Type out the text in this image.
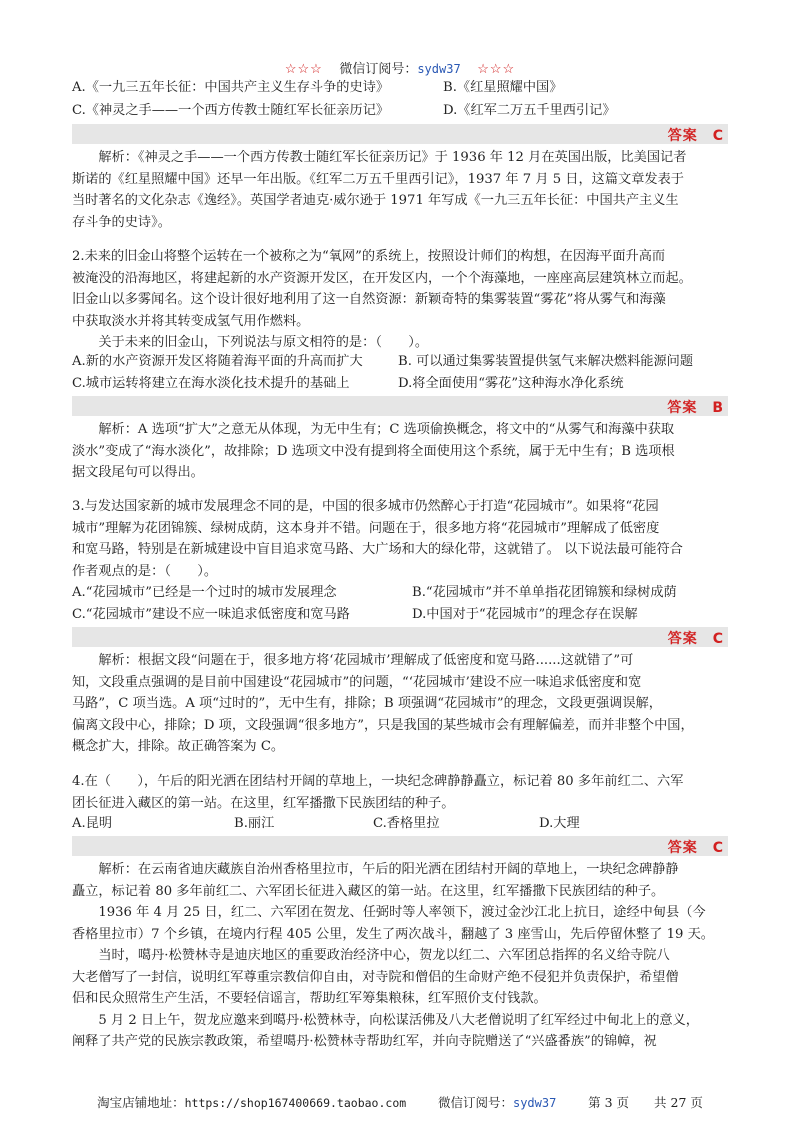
☆☆☆ 微信订阅号：sydw37 ☆☆☆
A.《一九三五年长征：中国共产主义生存斗争的史诗》	B.《红星照耀中国》
C.《神灵之手——一个西方传教士随红军长征亲历记》	D.《红军二万五千里西引记》
答案　C
　　解析：《神灵之手——一个西方传教士随红军长征亲历记》于 1936 年 12 月在英国出版，比美国记者
斯诺的《红星照耀中国》还早一年出版。《红军二万五千里西引记》，1937 年 7 月 5 日，这篇文章发表于
当时著名的文化杂志《逸经》。英国学者迪克·威尔逊于 1971 年写成《一九三五年长征：中国共产主义生
存斗争的史诗》。
2.未来的旧金山将整个运转在一个被称之为“氧网”的系统上，按照设计师们的构想，在因海平面升高而
被淹没的沿海地区，将建起新的水产资源开发区，在开发区内，一个个海藻地，一座座高层建筑林立而起。
旧金山以多雾闻名。这个设计很好地利用了这一自然资源：新颖奇特的集雾装置“雾花”将从雾气和海藻
中获取淡水并将其转变成氢气用作燃料。
　　关于未来的旧金山，下列说法与原文相符的是：（　　）。
A.新的水产资源开发区将随着海平面的升高而扩大	B. 可以通过集雾装置提供氢气来解决燃料能源问题
C.城市运转将建立在海水淡化技术提升的基础上	D.将全面使用“雾花”这种海水净化系统
答案　B
　　解析：A 选项“扩大”之意无从体现，为无中生有；C 选项偷换概念，将文中的“从雾气和海藻中获取
淡水”变成了“海水淡化”，故排除；D 选项文中没有提到将全面使用这个系统，属于无中生有；B 选项根
据文段尾句可以得出。
3.与发达国家新的城市发展理念不同的是，中国的很多城市仍然醉心于打造“花园城市”。如果将“花园
城市”理解为花团锦簇、绿树成荫，这本身并不错。问题在于，很多地方将“花园城市”理解成了低密度
和宽马路，特别是在新城建设中盲目追求宽马路、大广场和大的绿化带，这就错了。 以下说法最可能符合
作者观点的是：（　　）。
A.“花园城市”已经是一个过时的城市发展理念	B.“花园城市”并不单单指花团锦簇和绿树成荫
C.“花园城市”建设不应一味追求低密度和宽马路	D.中国对于“花园城市”的理念存在误解
答案　C
　　解析：根据文段“问题在于，很多地方将‘花园城市’理解成了低密度和宽马路......这就错了”可
知，文段重点强调的是目前中国建设“花园城市”的问题，“‘花园城市’建设不应一味追求低密度和宽
马路”，C 项当选。A 项“过时的”，无中生有，排除；B 项强调“花园城市”的理念，文段更强调误解，
偏离文段中心，排除；D 项，文段强调“很多地方”，只是我国的某些城市会有理解偏差，而并非整个中国，
概念扩大，排除。故正确答案为 C。
4.在（　　），午后的阳光洒在团结村开阔的草地上，一块纪念碑静静矗立，标记着 80 多年前红二、六军
团长征进入藏区的第一站。在这里，红军播撒下民族团结的种子。
A.昆明	B.丽江	C.香格里拉	D.大理
答案　C
　　解析：在云南省迪庆藏族自治州香格里拉市，午后的阳光洒在团结村开阔的草地上，一块纪念碑静静
矗立，标记着 80 多年前红二、六军团长征进入藏区的第一站。在这里，红军播撒下民族团结的种子。
　　1936 年 4 月 25 日，红二、六军团在贺龙、任弼时等人率领下，渡过金沙江北上抗日，途经中甸县（今
香格里拉市）7 个乡镇，在境内行程 405 公里，发生了两次战斗，翻越了 3 座雪山，先后停留休整了 19 天。
　　当时，噶丹·松赞林寺是迪庆地区的重要政治经济中心，贺龙以红二、六军团总指挥的名义给寺院八
大老僧写了一封信，说明红军尊重宗教信仰自由，对寺院和僧侣的生命财产绝不侵犯并负责保护，希望僧
侣和民众照常生产生活，不要轻信谣言，帮助红军筹集粮秣，红军照价支付钱款。
　　5 月 2 日上午，贺龙应邀来到噶丹·松赞林寺，向松谋活佛及八大老僧说明了红军经过中甸北上的意义，
阐释了共产党的民族宗教政策，希望噶丹·松赞林寺帮助红军，并向寺院赠送了“兴盛番族”的锦幛，祝
淘宝店铺地址：https://shop167400669.taobao.com	微信订阅号：sydw37	第 3 页　　共 27 页
